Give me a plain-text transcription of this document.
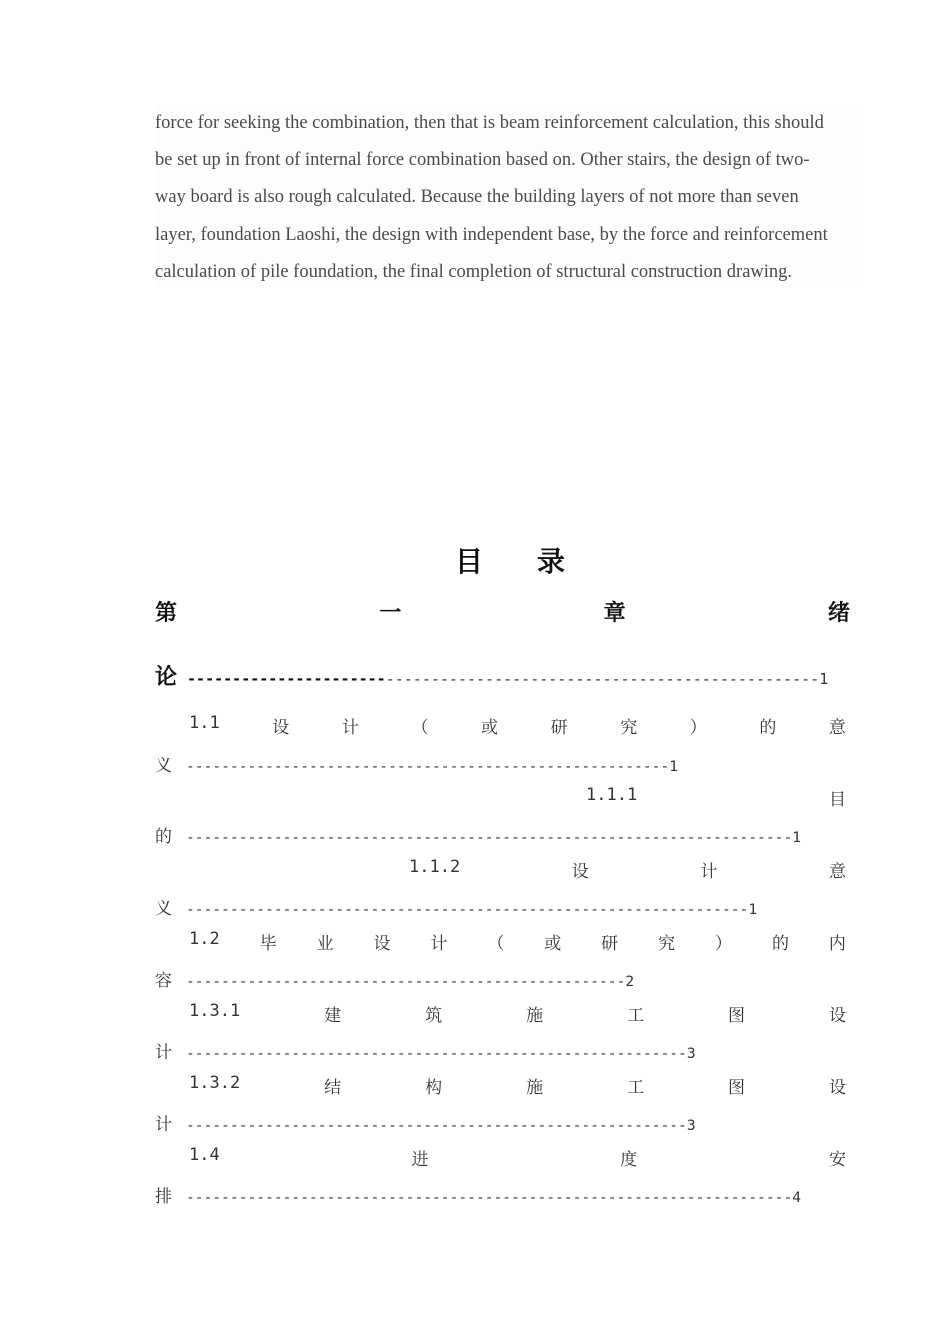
force for seeking the combination, then that is beam reinforcement calculation, this should
be set up in front of internal force combination based on. Other stairs, the design of two-
way board is also rough calculated. Because the building layers of not more than seven
layer, foundation Laoshi, the design with independent base, by the force and reinforcement
calculation of pile foundation, the final completion of structural construction drawing.
目 录
第	一	章	绪
论 ---------------------- ------------------------------------------------ 1
1.1	设	计	（	或	研	究	）	的	意
义 ------------------------------------------------------- 1
1.1.1	目
的 --------------------------------------------------------------------- 1
1.1.2	设	计	意
义 ---------------------------------------------------------------- 1
1.2 毕 业 设 计 （ 或 研 究 ） 的 内
容 -------------------------------------------------- 2
1.3.1	建	筑	施	工	图	设
计 --------------------------------------------------------- 3
1.3.2	结	构	施	工	图	设
计 --------------------------------------------------------- 3
1.4	进	度	安
排 --------------------------------------------------------------------- 4
